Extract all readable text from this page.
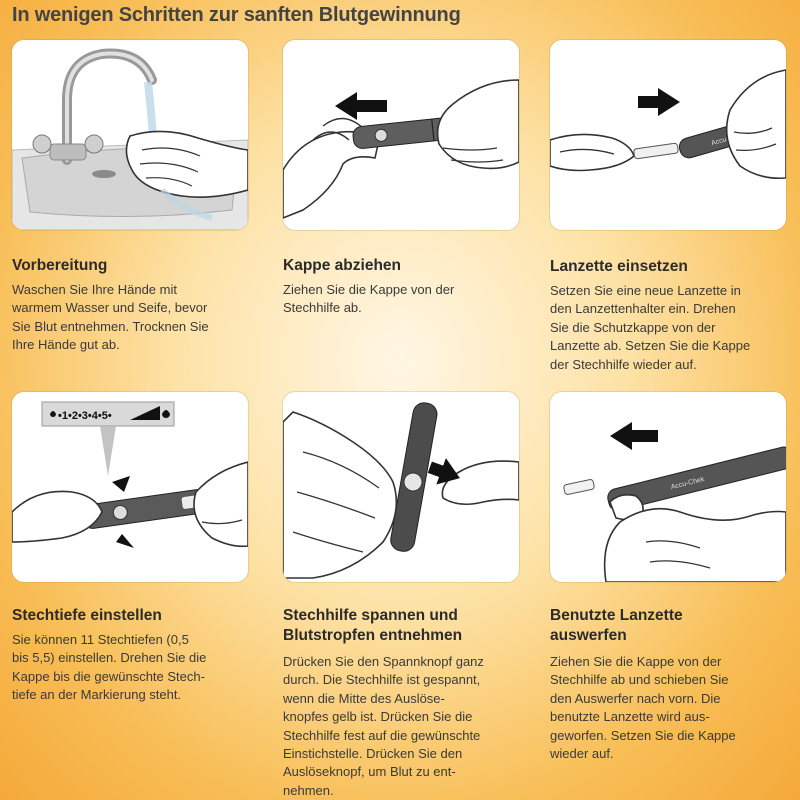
In wenigen Schritten zur sanften Blutgewinnung
Vorbereitung
Waschen Sie Ihre Hände mit
warmem Wasser und Seife, bevor
Sie Blut entnehmen. Trocknen Sie
Ihre Hände gut ab.
Kappe abziehen
Ziehen Sie die Kappe von der
Stechhilfe ab.
Lanzette einsetzen
Setzen Sie eine neue Lanzette in
den Lanzettenhalter ein. Drehen
Sie die Schutzkappe von der
Lanzette ab. Setzen Sie die Kappe
der Stechhilfe wieder auf.
•1•2•3•4•5•
Accu-Chek
Stechtiefe einstellen
Sie können 11 Stechtiefen (0,5
bis 5,5) einstellen. Drehen Sie die
Kappe bis die gewünschte Stech-
tiefe an der Markierung steht.
Stechhilfe spannen und
Blutstropfen entnehmen
Drücken Sie den Spannknopf ganz
durch. Die Stechhilfe ist gespannt,
wenn die Mitte des Auslöse-
knopfes gelb ist. Drücken Sie die
Stechhilfe fest auf die gewünschte
Einstichstelle. Drücken Sie den
Auslöseknopf, um Blut zu ent-
nehmen.
Benutzte Lanzette
auswerfen
Ziehen Sie die Kappe von der
Stechhilfe ab und schieben Sie
den Auswerfer nach vorn. Die
benutzte Lanzette wird aus-
geworfen. Setzen Sie die Kappe
wieder auf.
